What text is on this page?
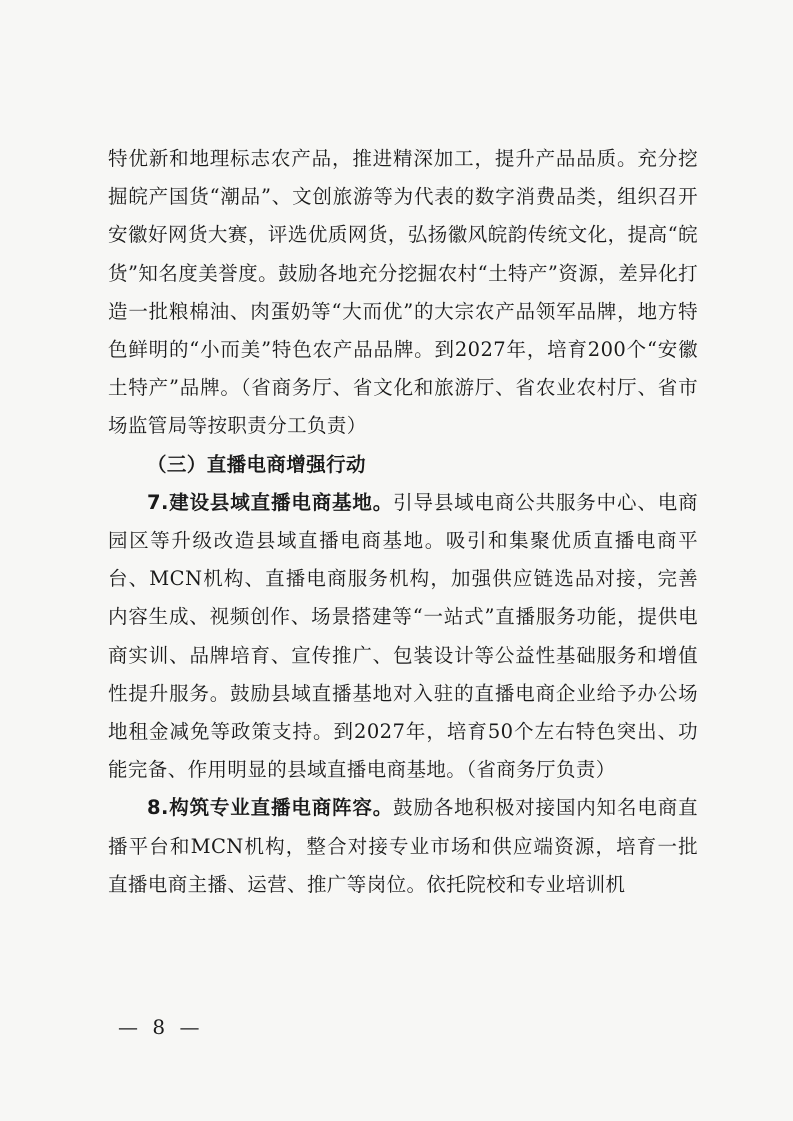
特优新和地理标志农产品，推进精深加工，提升产品品质。充分挖掘皖产国货“潮品”、文创旅游等为代表的数字消费品类，组织召开安徽好网货大赛，评选优质网货，弘扬徽风皖韵传统文化，提高“皖货”知名度美誉度。鼓励各地充分挖掘农村“土特产”资源，差异化打造一批粮棉油、肉蛋奶等“大而优”的大宗农产品领军品牌，地方特色鲜明的“小而美”特色农产品品牌。到2027年，培育200个“安徽土特产”品牌。（省商务厅、省文化和旅游厅、省农业农村厅、省市场监管局等按职责分工负责）

（三）直播电商增强行动

7.建设县域直播电商基地。引导县域电商公共服务中心、电商园区等升级改造县域直播电商基地。吸引和集聚优质直播电商平台、MCN机构、直播电商服务机构，加强供应链选品对接，完善内容生成、视频创作、场景搭建等“一站式”直播服务功能，提供电商实训、品牌培育、宣传推广、包装设计等公益性基础服务和增值性提升服务。鼓励县域直播基地对入驻的直播电商企业给予办公场地租金减免等政策支持。到2027年，培育50个左右特色突出、功能完备、作用明显的县域直播电商基地。（省商务厅负责）

8.构筑专业直播电商阵容。鼓励各地积极对接国内知名电商直播平台和MCN机构，整合对接专业市场和供应端资源，培育一批直播电商主播、运营、推广等岗位。依托院校和专业培训机

— 8 —
